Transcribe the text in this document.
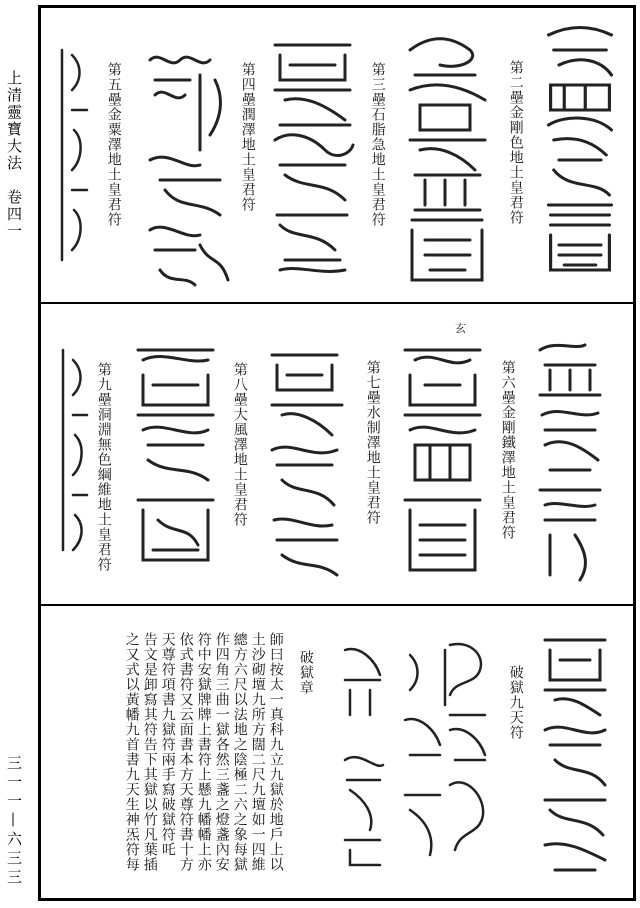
上清靈寶大法　卷四一
三一一—六三三
第二壘金剛色地土皇君符
第三壘石脂急地土皇君符
第四壘潤澤地土皇君符
第五壘金粟澤地土皇君符
玄
第六壘金剛鐵澤地土皇君符
第七壘水制澤地土皇君符
第八壘大風澤地土皇君符
第九壘洞淵無色綱維地土皇君符
破獄九天符
破獄章
師曰按太一真科九立九獄於地戶上以
土沙砌壇九所方闊二尺九壇如一四維
總方六尺以法地之陰極二六之象每獄
作四角三曲一獄各然三盞之燈盞內安
符中安獄牌牌上書符上懸九幡幡上亦
依式書符又云面書本方天尊符書十方
天尊符項書九獄符兩手寫破獄符吒
告文是卸寫其符告下其獄以竹凡葉插
之又式以黃幡九首書九天生神炁符每
